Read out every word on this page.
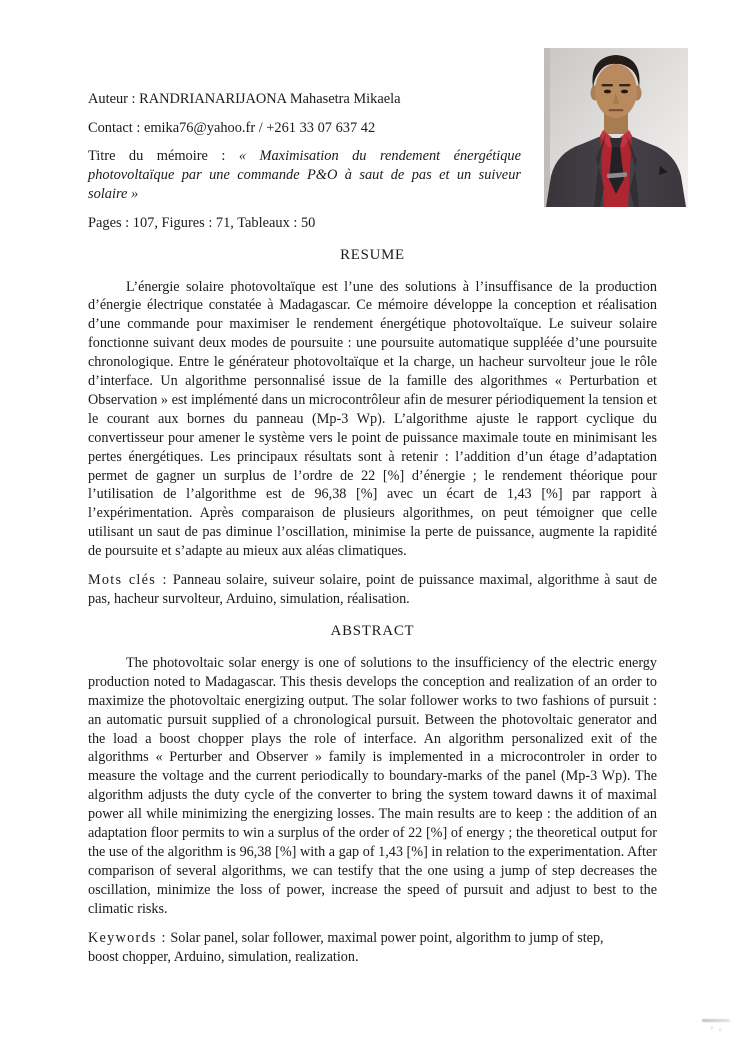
Auteur : RANDRIANARIJAONA Mahasetra Mikaela

Contact : emika76@yahoo.fr / +261 33 07 637 42

Titre du mémoire : « Maximisation du rendement énergétique photovoltaïque par une commande P&O à saut de pas et un suiveur solaire »

Pages : 107, Figures : 71, Tableaux : 50

RESUME

L’énergie solaire photovoltaïque est l’une des solutions à l’insuffisance de la production d’énergie électrique constatée à Madagascar. Ce mémoire développe la conception et réalisation d’une commande pour maximiser le rendement énergétique photovoltaïque. Le suiveur solaire fonctionne suivant deux modes de poursuite : une poursuite automatique suppléée d’une poursuite chronologique. Entre le générateur photovoltaïque et la charge, un hacheur survolteur joue le rôle d’interface. Un algorithme personnalisé issue de la famille des algorithmes « Perturbation et Observation » est implémenté dans un microcontrôleur afin de mesurer périodiquement la tension et le courant aux bornes du panneau (Mp-3 Wp). L’algorithme ajuste le rapport cyclique du convertisseur pour amener le système vers le point de puissance maximale toute en minimisant les pertes énergétiques. Les principaux résultats sont à retenir : l’addition d’un étage d’adaptation permet de gagner un surplus de l’ordre de 22 [%] d’énergie ; le rendement théorique pour l’utilisation de l’algorithme est de 96,38 [%] avec un écart de 1,43 [%] par rapport à l’expérimentation. Après comparaison de plusieurs algorithmes, on peut témoigner que celle utilisant un saut de pas diminue l’oscillation, minimise la perte de puissance, augmente la rapidité de poursuite et s’adapte au mieux aux aléas climatiques.

Mots clés : Panneau solaire, suiveur solaire, point de puissance maximal, algorithme à saut de pas, hacheur survolteur, Arduino, simulation, réalisation.

ABSTRACT

The photovoltaic solar energy is one of solutions to the insufficiency of the electric energy production noted to Madagascar. This thesis develops the conception and realization of an order to maximize the photovoltaic energizing output. The solar follower works to two fashions of pursuit : an automatic pursuit supplied of a chronological pursuit. Between the photovoltaic generator and the load a boost chopper plays the role of interface. An algorithm personalized exit of the algorithms « Perturber and Observer » family is implemented in a microcontroler in order to measure the voltage and the current periodically to boundary-marks of the panel (Mp-3 Wp). The algorithm adjusts the duty cycle of the converter to bring the system toward dawns it of maximal power all while minimizing the energizing losses. The main results are to keep : the addition of an adaptation floor permits to win a surplus of the order of 22 [%] of energy ; the theoretical output for the use of the algorithm is 96,38 [%] with a gap of 1,43 [%] in relation to the experimentation. After comparison of several algorithms, we can testify that the one using a jump of step decreases the oscillation, minimize the loss of power, increase the speed of pursuit and adjust to best to the climatic risks.

Keywords : Solar panel, solar follower, maximal power point, algorithm to jump of step, boost chopper, Arduino, simulation, realization.
